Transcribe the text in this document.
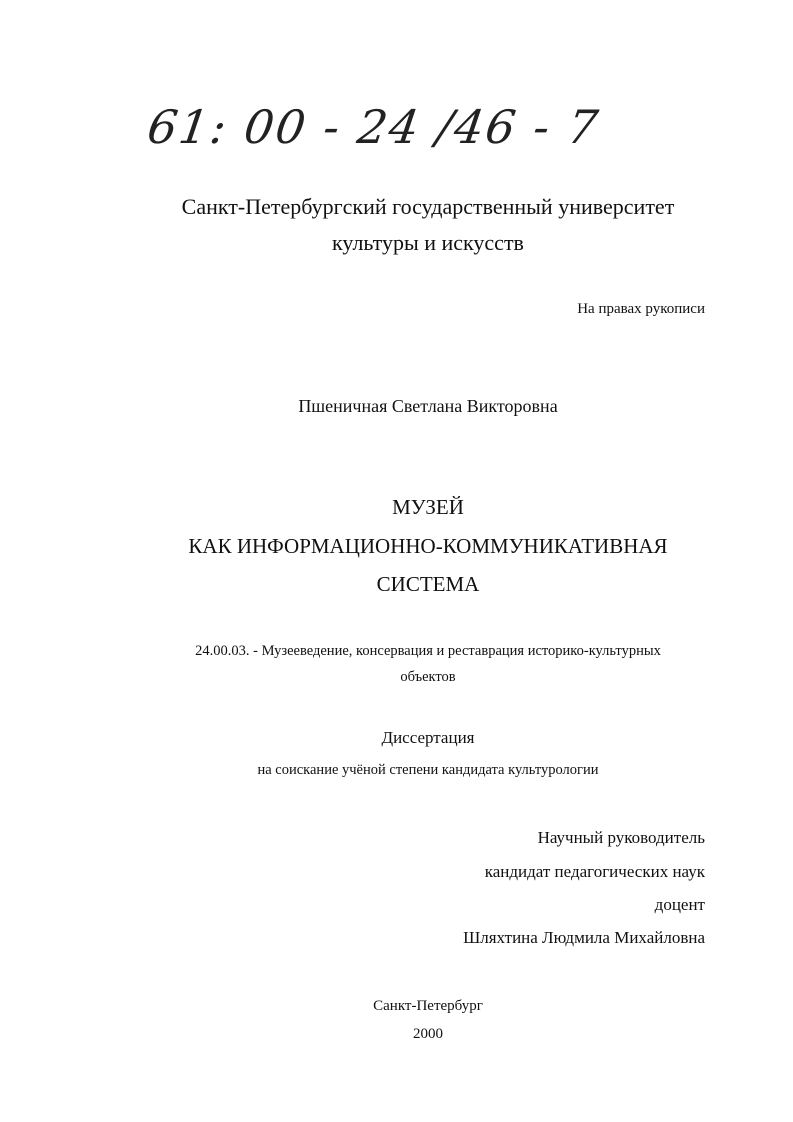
61: 00 - 24 /46 - 7
Санкт-Петербургский государственный университет
культуры и искусств
На правах рукописи
Пшеничная Светлана Викторовна
МУЗЕЙ
КАК ИНФОРМАЦИОННО-КОММУНИКАТИВНАЯ
СИСТЕМА
24.00.03. - Музееведение, консервация и реставрация историко-культурных
объектов
Диссертация
на соискание учёной степени кандидата культурологии
Научный руководитель
кандидат педагогических наук
доцент
Шляхтина Людмила Михайловна
Санкт-Петербург
2000
